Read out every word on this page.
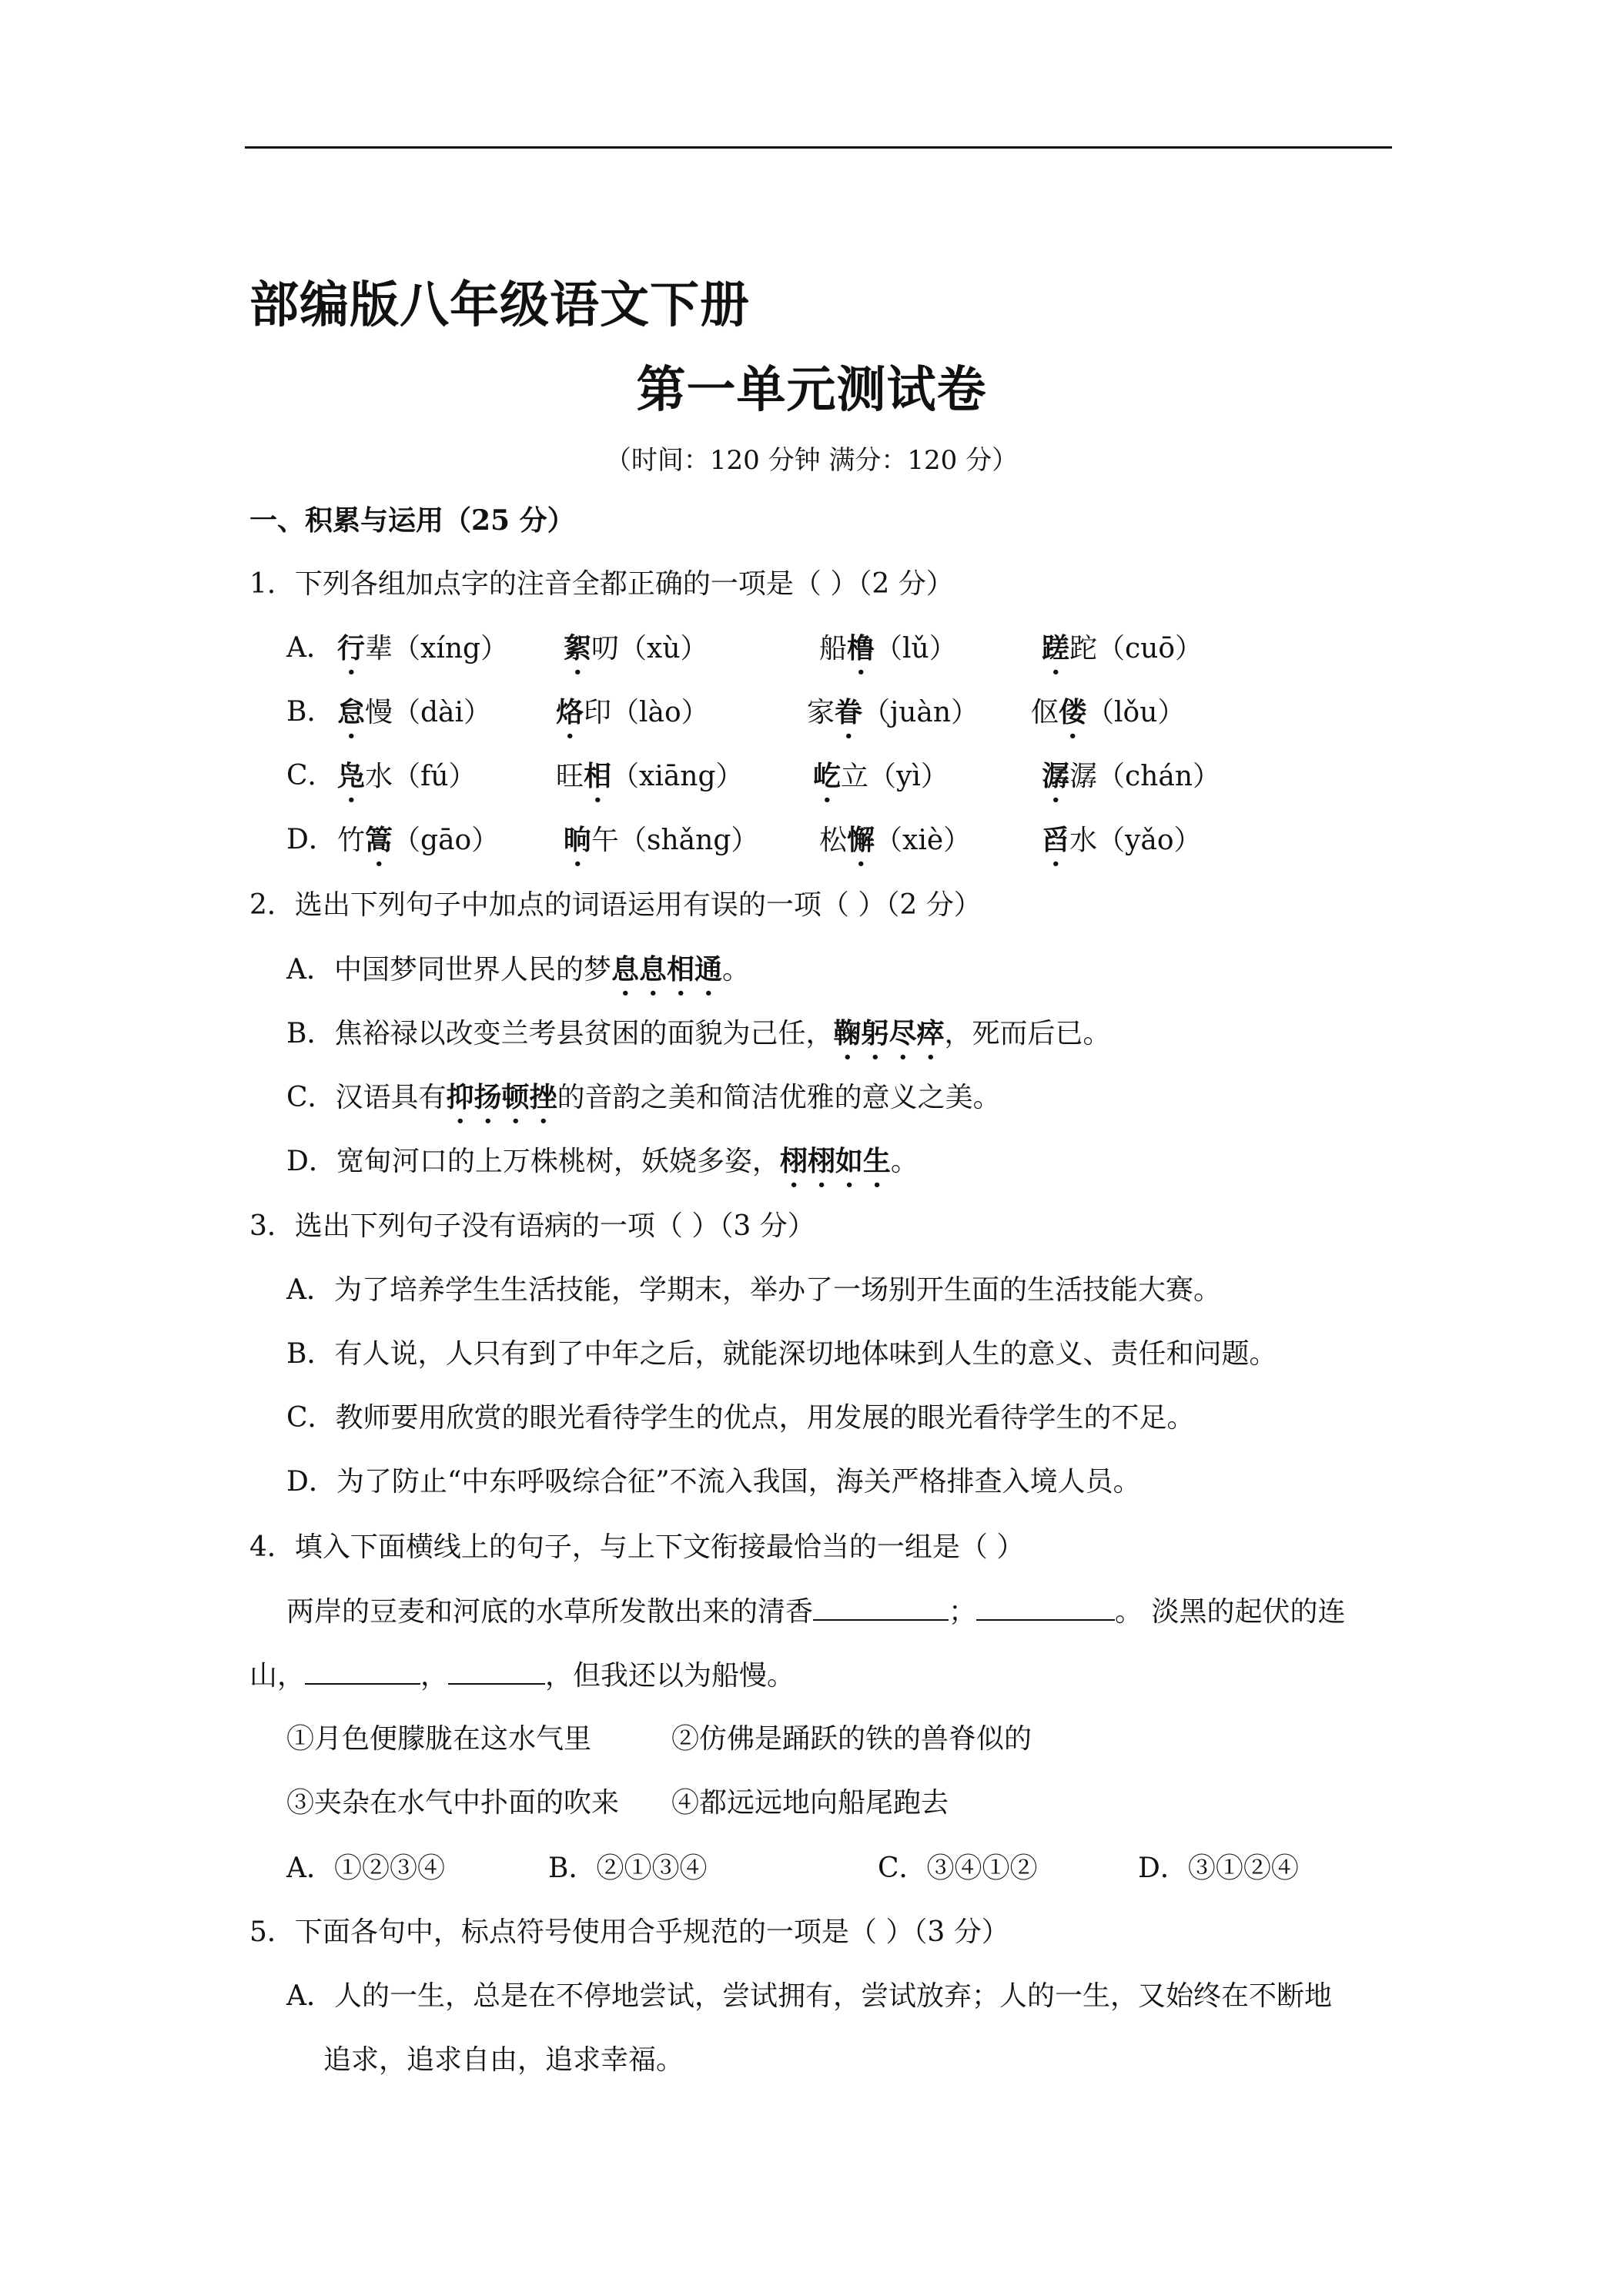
部编版八年级语文下册
第一单元测试卷
（时间：120 分钟 满分：120 分）
一、积累与运用（25 分）
1．下列各组加点字的注音全都正确的一项是（ ）（2 分）
A． 行辈（xíng） 絮叨（xù）	船橹（lǔ）	蹉跎（cuō）
B． 怠慢（dài） 烙印（lào）	家眷（juàn） 伛偻（lǒu）
C． 凫水（fú）	旺相（xiāng）	屹立（yì）	潺潺（chán）
D． 竹篙（gāo） 晌午（shǎng） 松懈（xiè）	舀水（yǎo）
2．选出下列句子中加点的词语运用有误的一项（ ）（2 分）
A．中国梦同世界人民的梦息息相通。
B．焦裕禄以改变兰考县贫困的面貌为己任，鞠躬尽瘁，死而后已。
C．汉语具有抑扬顿挫的音韵之美和简洁优雅的意义之美。
D．宽甸河口的上万株桃树，妖娆多姿，栩栩如生。
3．选出下列句子没有语病的一项（ ）（3 分）
A．为了培养学生生活技能，学期末，举办了一场别开生面的生活技能大赛。
B．有人说，人只有到了中年之后，就能深切地体味到人生的意义、责任和问题。
C．教师要用欣赏的眼光看待学生的优点，用发展的眼光看待学生的不足。
D．为了防止“中东呼吸综合征”不流入我国，海关严格排查入境人员。
4．填入下面横线上的句子，与上下文衔接最恰当的一组是（ ）
两岸的豆麦和河底的水草所发散出来的清香	；	。 淡黑的起伏的连
山，	，	，但我还以为船慢。
①月色便朦胧在这水气里	②仿佛是踊跃的铁的兽脊似的
③夹杂在水气中扑面的吹来 ④都远远地向船尾跑去
A．①②③④	B．②①③④	C．③④①②	D．③①②④
5．下面各句中，标点符号使用合乎规范的一项是（ ）（3 分）
A．人的一生，总是在不停地尝试，尝试拥有，尝试放弃；人的一生，又始终在不断地
追求，追求自由，追求幸福。
